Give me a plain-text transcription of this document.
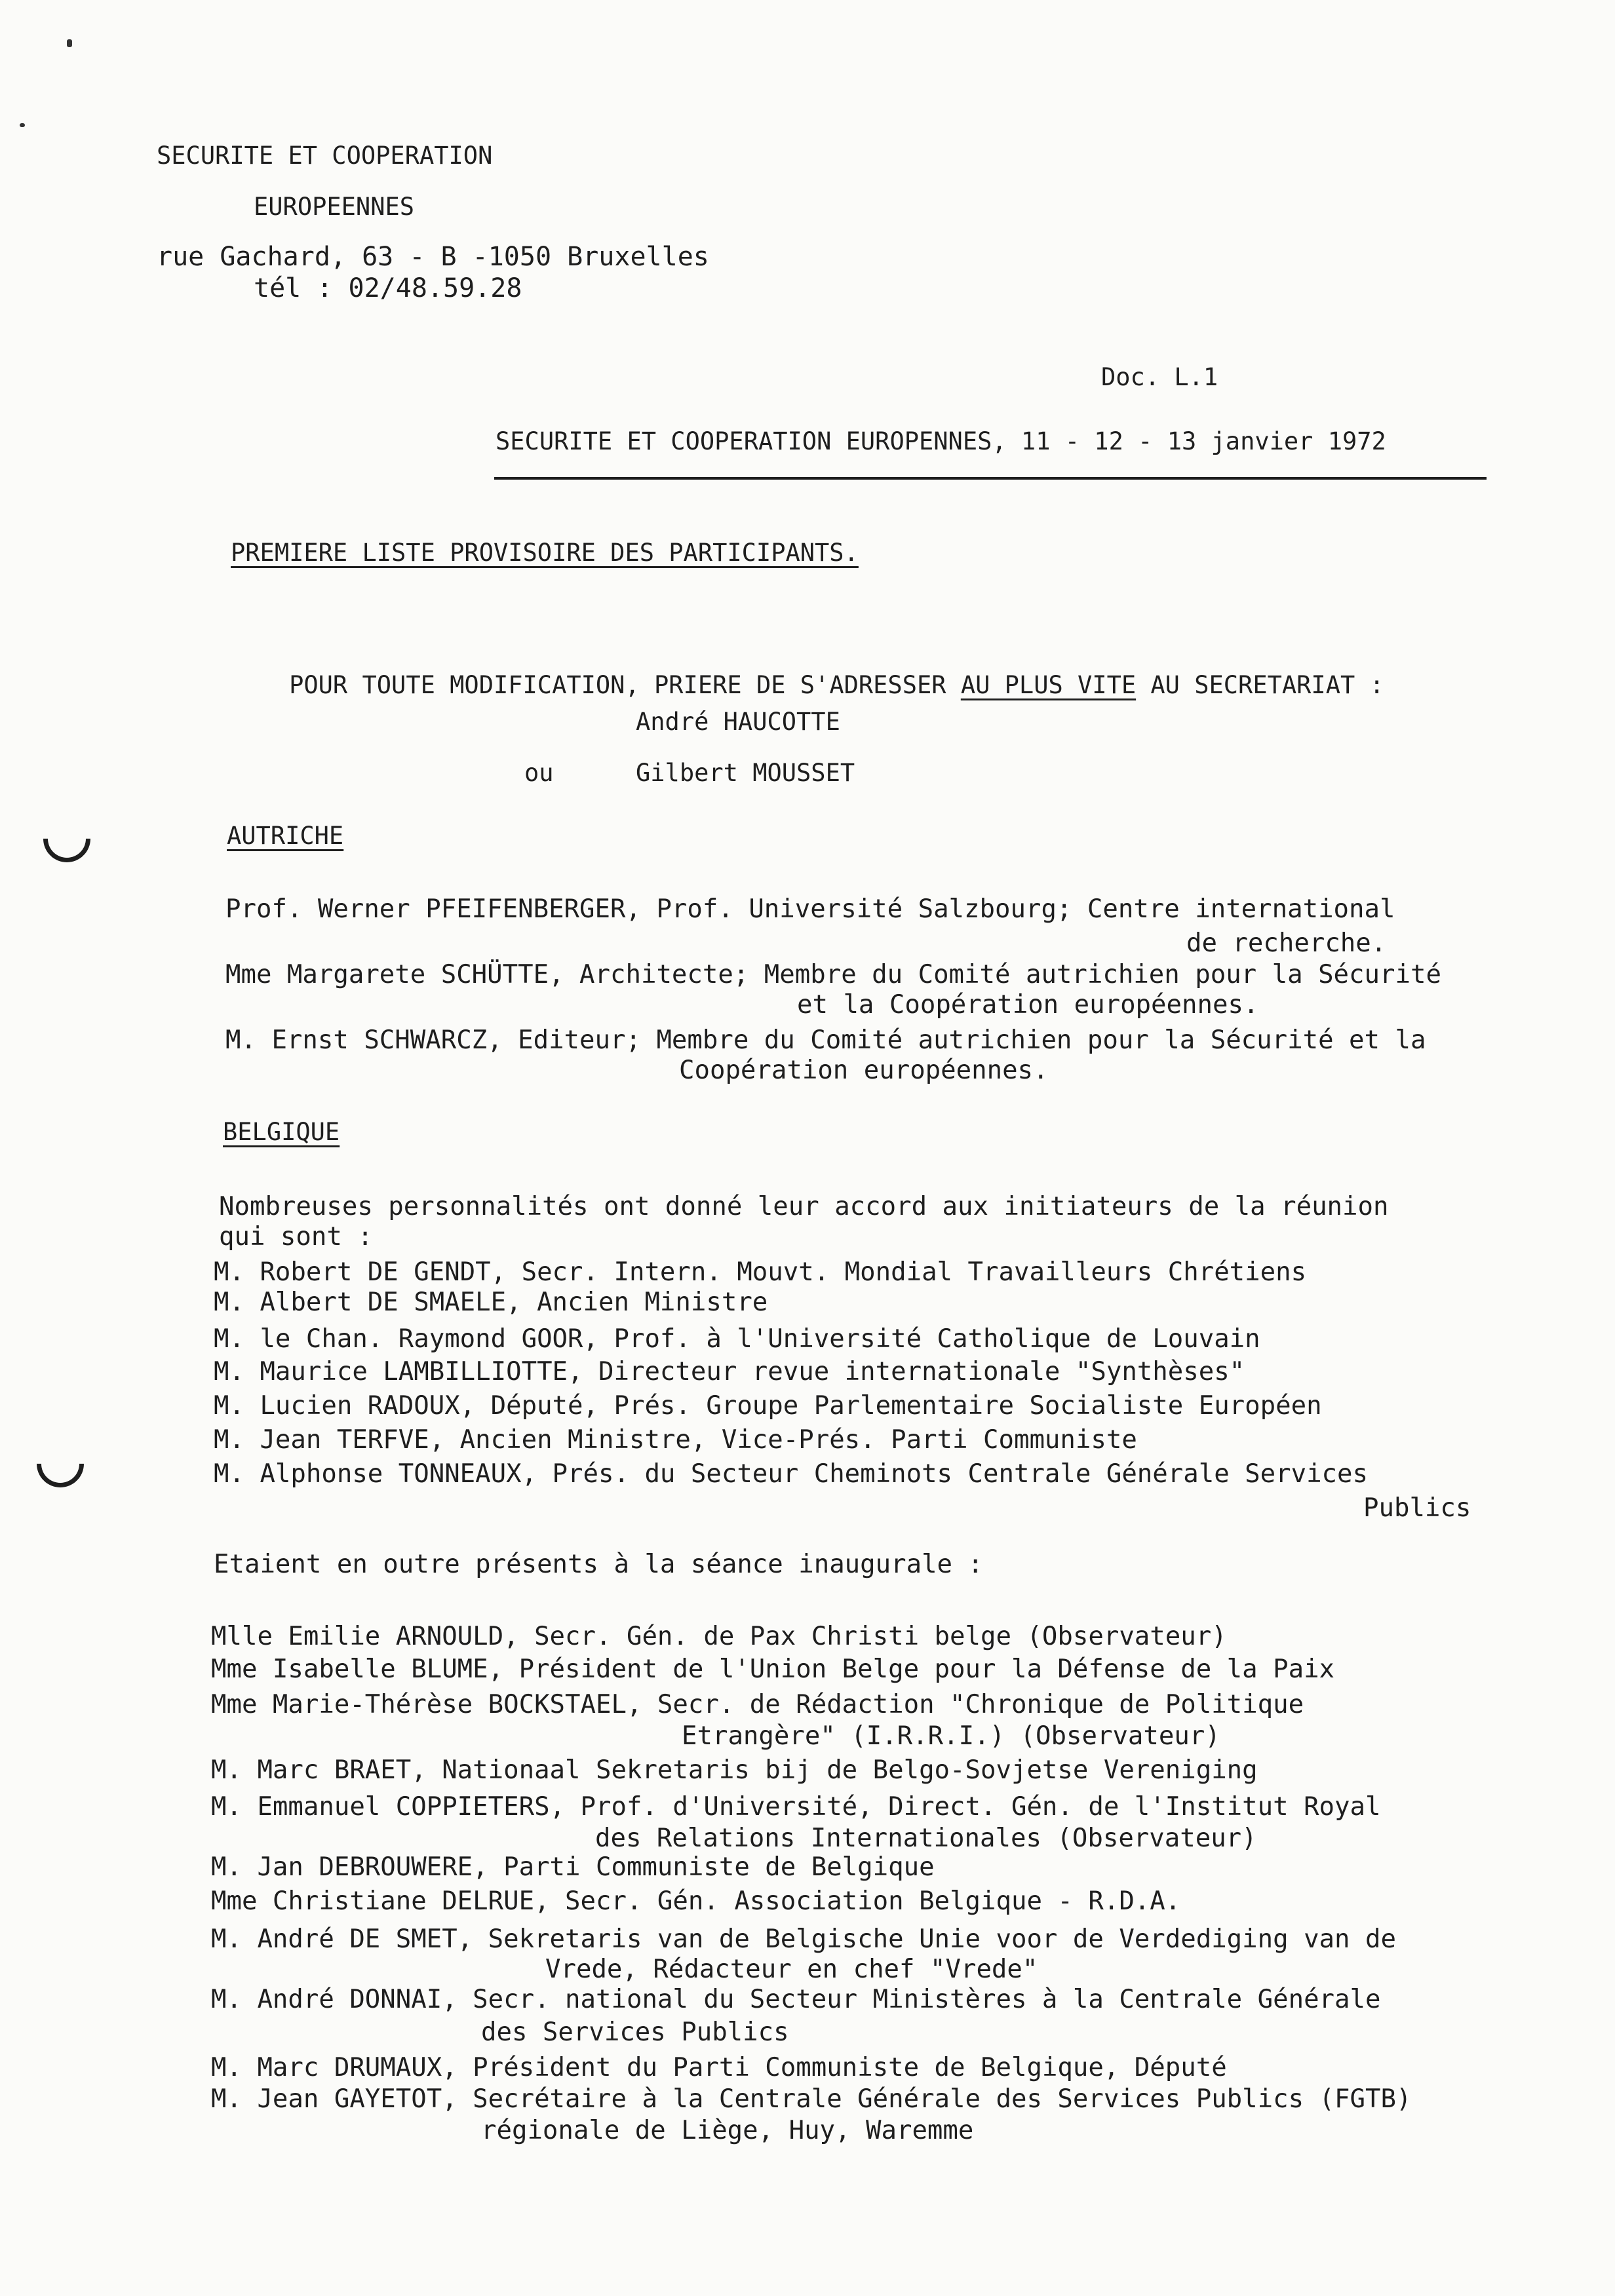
SECURITE ET COOPERATION
EUROPEENNES
rue Gachard, 63 - B -1050 Bruxelles
tél : 02/48.59.28
Doc. L.1
SECURITE ET COOPERATION EUROPENNES, 11 - 12 - 13 janvier 1972
PREMIERE LISTE PROVISOIRE DES PARTICIPANTS.

POUR TOUTE MODIFICATION, PRIERE DE S'ADRESSER AU PLUS VITE AU SECRETARIAT :

André HAUCOTTE
ou	Gilbert MOUSSET
AUTRICHE
Prof. Werner PFEIFENBERGER, Prof. Université Salzbourg; Centre international
de recherche.
Mme Margarete SCHÜTTE, Architecte; Membre du Comité autrichien pour la Sécurité
et la Coopération européennes.
M. Ernst SCHWARCZ, Editeur; Membre du Comité autrichien pour la Sécurité et la
Coopération européennes.
BELGIQUE
Nombreuses personnalités ont donné leur accord aux initiateurs de la réunion
qui sont :
M. Robert DE GENDT, Secr. Intern. Mouvt. Mondial Travailleurs Chrétiens
M. Albert DE SMAELE, Ancien Ministre
M. le Chan. Raymond GOOR, Prof. à l'Université Catholique de Louvain
M. Maurice LAMBILLIOTTE, Directeur revue internationale "Synthèses"
M. Lucien RADOUX, Député, Prés. Groupe Parlementaire Socialiste Européen
M. Jean TERFVE, Ancien Ministre, Vice-Prés. Parti Communiste
M. Alphonse TONNEAUX, Prés. du Secteur Cheminots Centrale Générale Services
Publics
Etaient en outre présents à la séance inaugurale :
Mlle Emilie ARNOULD, Secr. Gén. de Pax Christi belge (Observateur)
Mme Isabelle BLUME, Président de l'Union Belge pour la Défense de la Paix
Mme Marie-Thérèse BOCKSTAEL, Secr. de Rédaction "Chronique de Politique
Etrangère" (I.R.R.I.) (Observateur)
M. Marc BRAET, Nationaal Sekretaris bij de Belgo-Sovjetse Vereniging
M. Emmanuel COPPIETERS, Prof. d'Université, Direct. Gén. de l'Institut Royal
des Relations Internationales (Observateur)
M. Jan DEBROUWERE, Parti Communiste de Belgique
Mme Christiane DELRUE, Secr. Gén. Association Belgique - R.D.A.
M. André DE SMET, Sekretaris van de Belgische Unie voor de Verdediging van de
Vrede, Rédacteur en chef "Vrede"
M. André DONNAI, Secr. national du Secteur Ministères à la Centrale Générale
des Services Publics
M. Marc DRUMAUX, Président du Parti Communiste de Belgique, Député
M. Jean GAYETOT, Secrétaire à la Centrale Générale des Services Publics (FGTB)
régionale de Liège, Huy, Waremme
